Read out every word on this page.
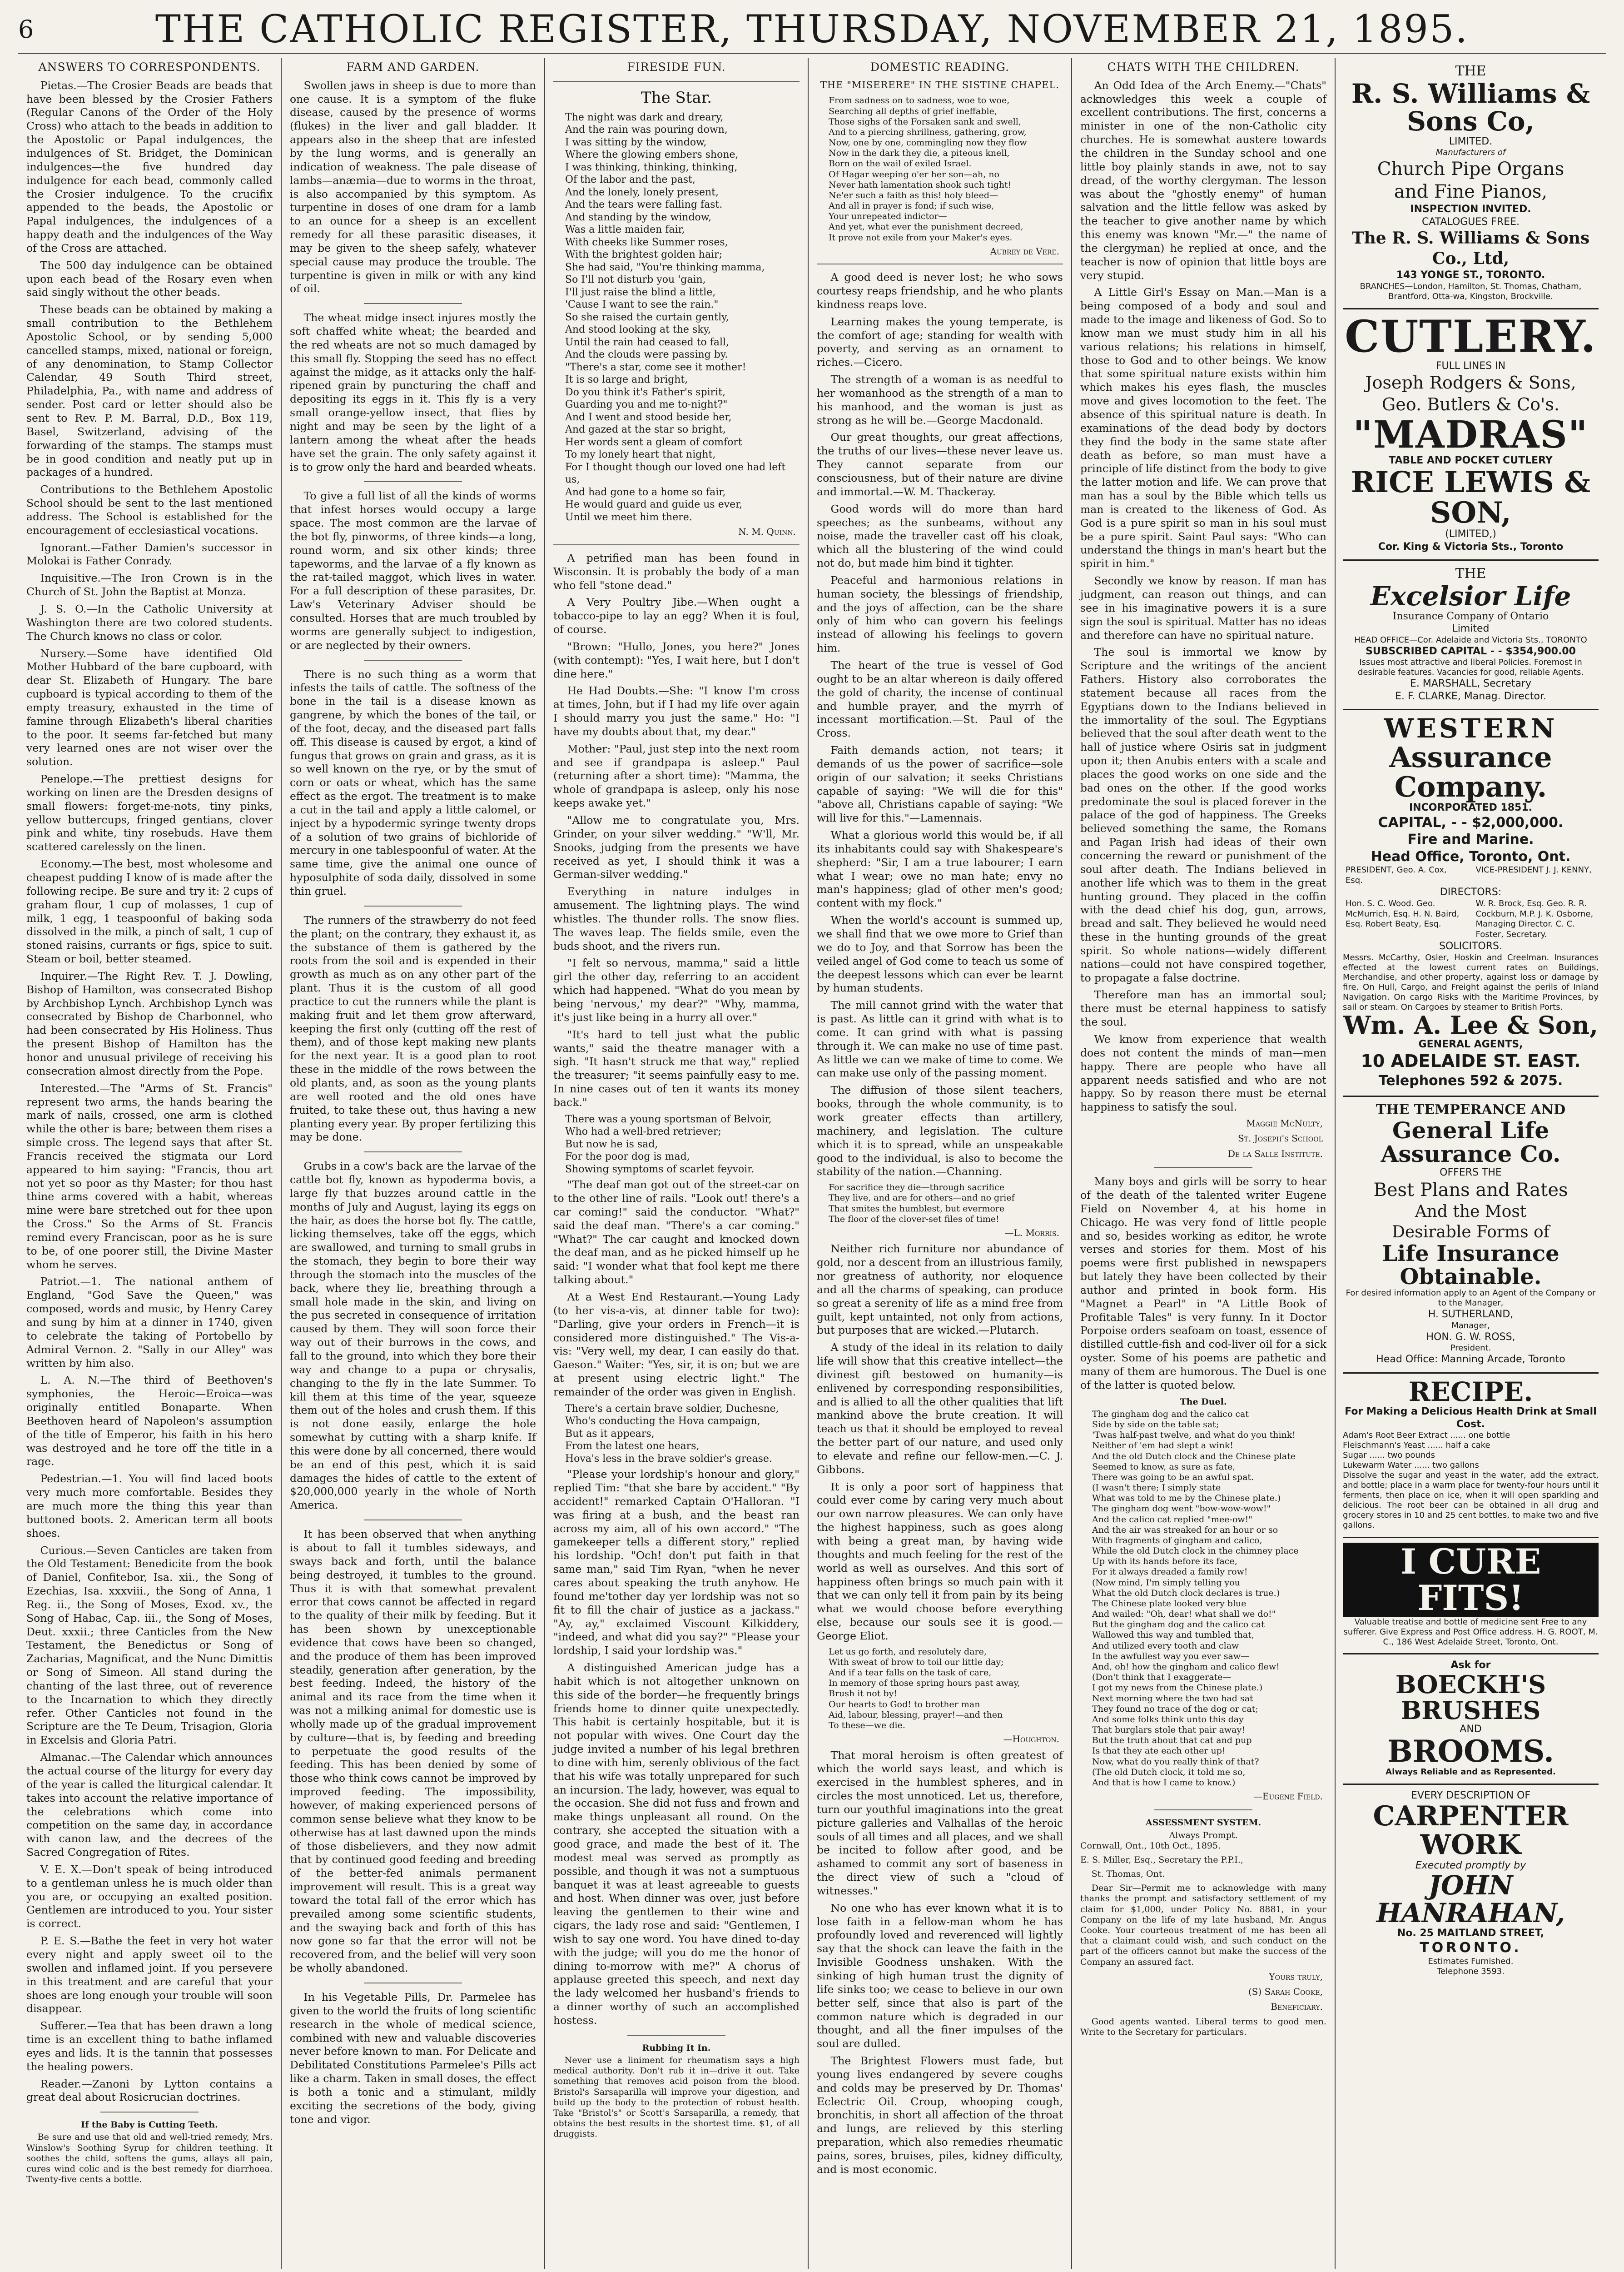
6	THE CATHOLIC REGISTER, THURSDAY, NOVEMBER 21, 1895.
ANSWERS TO CORRESPONDENTS.

Pietas.—The Crosier Beads are beads that have been blessed by the Crosier Fathers (Regular Canons of the Order of the Holy Cross) who attach to the beads in addition to the Apostolic or Papal indulgences, the indulgences of St. Bridget, the Dominican indulgences—the five hundred day indulgence for each bead, commonly called the Crosier indulgence. To the crucifix appended to the beads, the Apostolic or Papal indulgences, the indulgences of a happy death and the indulgences of the Way of the Cross are attached.

The 500 day indulgence can be obtained upon each bead of the Rosary even when said singly without the other beads.

These beads can be obtained by making a small contribution to the Bethlehem Apostolic School, or by sending 5,000 cancelled stamps, mixed, national or foreign, of any denomination, to Stamp Collector Calendar, 49 South Third street, Philadelphia, Pa., with name and address of sender. Post card or letter should also be sent to Rev. P. M. Barral, D.D., Box 119, Basel, Switzerland, advising of the forwarding of the stamps. The stamps must be in good condition and neatly put up in packages of a hundred.

Contributions to the Bethlehem Apostolic School should be sent to the last mentioned address. The School is established for the encouragement of ecclesiastical vocations.

Ignorant.—Father Damien's successor in Molokai is Father Conrady.

Inquisitive.—The Iron Crown is in the Church of St. John the Baptist at Monza.

J. S. O.—In the Catholic University at Washington there are two colored students. The Church knows no class or color.

Nursery.—Some have identified Old Mother Hubbard of the bare cupboard, with dear St. Elizabeth of Hungary. The bare cupboard is typical according to them of the empty treasury, exhausted in the time of famine through Elizabeth's liberal charities to the poor. It seems far-fetched but many very learned ones are not wiser over the solution.

Penelope.—The prettiest designs for working on linen are the Dresden designs of small flowers: forget-me-nots, tiny pinks, yellow buttercups, fringed gentians, clover pink and white, tiny rosebuds. Have them scattered carelessly on the linen.

Economy.—The best, most wholesome and cheapest pudding I know of is made after the following recipe. Be sure and try it: 2 cups of graham flour, 1 cup of molasses, 1 cup of milk, 1 egg, 1 teaspoonful of baking soda dissolved in the milk, a pinch of salt, 1 cup of stoned raisins, currants or figs, spice to suit. Steam or boil, better steamed.

Inquirer.—The Right Rev. T. J. Dowling, Bishop of Hamilton, was consecrated Bishop by Archbishop Lynch. Archbishop Lynch was consecrated by Bishop de Charbonnel, who had been consecrated by His Holiness. Thus the present Bishop of Hamilton has the honor and unusual privilege of receiving his consecration almost directly from the Pope.

Interested.—The "Arms of St. Francis" represent two arms, the hands bearing the mark of nails, crossed, one arm is clothed while the other is bare; between them rises a simple cross. The legend says that after St. Francis received the stigmata our Lord appeared to him saying: "Francis, thou art not yet so poor as thy Master; for thou hast thine arms covered with a habit, whereas mine were bare stretched out for thee upon the Cross." So the Arms of St. Francis remind every Franciscan, poor as he is sure to be, of one poorer still, the Divine Master whom he serves.

Patriot.—1. The national anthem of England, "God Save the Queen," was composed, words and music, by Henry Carey and sung by him at a dinner in 1740, given to celebrate the taking of Portobello by Admiral Vernon. 2. "Sally in our Alley" was written by him also.

L. A. N.—The third of Beethoven's symphonies, the Heroic—Eroica—was originally entitled Bonaparte. When Beethoven heard of Napoleon's assumption of the title of Emperor, his faith in his hero was destroyed and he tore off the title in a rage.

Pedestrian.—1. You will find laced boots very much more comfortable. Besides they are much more the thing this year than buttoned boots. 2. American term all boots shoes.

Curious.—Seven Canticles are taken from the Old Testament: Benedicite from the book of Daniel, Confitebor, Isa. xii., the Song of Ezechias, Isa. xxxviii., the Song of Anna, 1 Reg. ii., the Song of Moses, Exod. xv., the Song of Habac, Cap. iii., the Song of Moses, Deut. xxxii.; three Canticles from the New Testament, the Benedictus or Song of Zacharias, Magnificat, and the Nunc Dimittis or Song of Simeon. All stand during the chanting of the last three, out of reverence to the Incarnation to which they directly refer. Other Canticles not found in the Scripture are the Te Deum, Trisagion, Gloria in Excelsis and Gloria Patri.

Almanac.—The Calendar which announces the actual course of the liturgy for every day of the year is called the liturgical calendar. It takes into account the relative importance of the celebrations which come into competition on the same day, in accordance with canon law, and the decrees of the Sacred Congregation of Rites.

V. E. X.—Don't speak of being introduced to a gentleman unless he is much older than you are, or occupying an exalted position. Gentlemen are introduced to you. Your sister is correct.

P. E. S.—Bathe the feet in very hot water every night and apply sweet oil to the swollen and inflamed joint. If you persevere in this treatment and are careful that your shoes are long enough your trouble will soon disappear.

Sufferer.—Tea that has been drawn a long time is an excellent thing to bathe inflamed eyes and lids. It is the tannin that possesses the healing powers.

Reader.—Zanoni by Lytton contains a great deal about Rosicrucian doctrines.

If the Baby is Cutting Teeth.

Be sure and use that old and well-tried remedy, Mrs. Winslow's Soothing Syrup for children teething. It soothes the child, softens the gums, allays all pain, cures wind colic and is the best remedy for diarrhoea. Twenty-five cents a bottle.

FARM AND GARDEN.

Swollen jaws in sheep is due to more than one cause. It is a symptom of the fluke disease, caused by the presence of worms (flukes) in the liver and gall bladder. It appears also in the sheep that are infested by the lung worms, and is generally an indication of weakness. The pale disease of lambs—anæmia—due to worms in the throat, is also accompanied by this symptom. As turpentine in doses of one dram for a lamb to an ounce for a sheep is an excellent remedy for all these parasitic diseases, it may be given to the sheep safely, whatever special cause may produce the trouble. The turpentine is given in milk or with any kind of oil.

The wheat midge insect injures mostly the soft chaffed white wheat; the bearded and the red wheats are not so much damaged by this small fly. Stopping the seed has no effect against the midge, as it attacks only the half-ripened grain by puncturing the chaff and depositing its eggs in it. This fly is a very small orange-yellow insect, that flies by night and may be seen by the light of a lantern among the wheat after the heads have set the grain. The only safety against it is to grow only the hard and bearded wheats.

To give a full list of all the kinds of worms that infest horses would occupy a large space. The most common are the larvae of the bot fly, pinworms, of three kinds—a long, round worm, and six other kinds; three tapeworms, and the larvae of a fly known as the rat-tailed maggot, which lives in water. For a full description of these parasites, Dr. Law's Veterinary Adviser should be consulted. Horses that are much troubled by worms are generally subject to indigestion, or are neglected by their owners.

There is no such thing as a worm that infests the tails of cattle. The softness of the bone in the tail is a disease known as gangrene, by which the bones of the tail, or of the foot, decay, and the diseased part falls off. This disease is caused by ergot, a kind of fungus that grows on grain and grass, as it is so well known on the rye, or by the smut of corn or oats or wheat, which has the same effect as the ergot. The treatment is to make a cut in the tail and apply a little calomel, or inject by a hypodermic syringe twenty drops of a solution of two grains of bichloride of mercury in one tablespoonful of water. At the same time, give the animal one ounce of hyposulphite of soda daily, dissolved in some thin gruel.

The runners of the strawberry do not feed the plant; on the contrary, they exhaust it, as the substance of them is gathered by the roots from the soil and is expended in their growth as much as on any other part of the plant. Thus it is the custom of all good practice to cut the runners while the plant is making fruit and let them grow afterward, keeping the first only (cutting off the rest of them), and of those kept making new plants for the next year. It is a good plan to root these in the middle of the rows between the old plants, and, as soon as the young plants are well rooted and the old ones have fruited, to take these out, thus having a new planting every year. By proper fertilizing this may be done.

Grubs in a cow's back are the larvae of the cattle bot fly, known as hypoderma bovis, a large fly that buzzes around cattle in the months of July and August, laying its eggs on the hair, as does the horse bot fly. The cattle, licking themselves, take off the eggs, which are swallowed, and turning to small grubs in the stomach, they begin to bore their way through the stomach into the muscles of the back, where they lie, breathing through a small hole made in the skin, and living on the pus secreted in consequence of irritation caused by them. They will soon force their way out of their burrows in the cows, and fall to the ground, into which they bore their way and change to a pupa or chrysalis, changing to the fly in the late Summer. To kill them at this time of the year, squeeze them out of the holes and crush them. If this is not done easily, enlarge the hole somewhat by cutting with a sharp knife. If this were done by all concerned, there would be an end of this pest, which it is said damages the hides of cattle to the extent of $20,000,000 yearly in the whole of North America.

It has been observed that when anything is about to fall it tumbles sideways, and sways back and forth, until the balance being destroyed, it tumbles to the ground. Thus it is with that somewhat prevalent error that cows cannot be affected in regard to the quality of their milk by feeding. But it has been shown by unexceptionable evidence that cows have been so changed, and the produce of them has been improved steadily, generation after generation, by the best feeding. Indeed, the history of the animal and its race from the time when it was not a milking animal for domestic use is wholly made up of the gradual improvement by culture—that is, by feeding and breeding to perpetuate the good results of the feeding. This has been denied by some of those who think cows cannot be improved by improved feeding. The impossibility, however, of making experienced persons of common sense believe what they know to be otherwise has at last dawned upon the minds of those disbelievers, and they now admit that by continued good feeding and breeding of the better-fed animals permanent improvement will result. This is a great way toward the total fall of the error which has prevailed among some scientific students, and the swaying back and forth of this has now gone so far that the error will not be recovered from, and the belief will very soon be wholly abandoned.

In his Vegetable Pills, Dr. Parmelee has given to the world the fruits of long scientific research in the whole of medical science, combined with new and valuable discoveries never before known to man. For Delicate and Debilitated Constitutions Parmelee's Pills act like a charm. Taken in small doses, the effect is both a tonic and a stimulant, mildly exciting the secretions of the body, giving tone and vigor.

FIRESIDE FUN.
The Star.
The night was dark and dreary,
And the rain was pouring down,
I was sitting by the window,
Where the glowing embers shone,
I was thinking, thinking, thinking,
Of the labor and the past,
And the lonely, lonely present,
And the tears were falling fast.
And standing by the window,
Was a little maiden fair,
With cheeks like Summer roses,
With the brightest golden hair;
She had said, "You're thinking mamma,
So I'll not disturb you 'gain,
I'll just raise the blind a little,
'Cause I want to see the rain."
So she raised the curtain gently,
And stood looking at the sky,
Until the rain had ceased to fall,
And the clouds were passing by.
"There's a star, come see it mother!
It is so large and bright,
Do you think it's Father's spirit,
Guarding you and me to-night?"
And I went and stood beside her,
And gazed at the star so bright,
Her words sent a gleam of comfort
To my lonely heart that night,
For I thought though our loved one had left us,
And had gone to a home so fair,
He would guard and guide us ever,
Until we meet him there.
N. M. Quinn.

A petrified man has been found in Wisconsin. It is probably the body of a man who fell "stone dead."

A Very Poultry Jibe.—When ought a tobacco-pipe to lay an egg? When it is foul, of course.

"Brown: "Hullo, Jones, you here?" Jones (with contempt): "Yes, I wait here, but I don't dine here."

He Had Doubts.—She: "I know I'm cross at times, John, but if I had my life over again I should marry you just the same." Ho: "I have my doubts about that, my dear."

Mother: "Paul, just step into the next room and see if grandpapa is asleep." Paul (returning after a short time): "Mamma, the whole of grandpapa is asleep, only his nose keeps awake yet."

"Allow me to congratulate you, Mrs. Grinder, on your silver wedding." "W'll, Mr. Snooks, judging from the presents we have received as yet, I should think it was a German-silver wedding."

Everything in nature indulges in amusement. The lightning plays. The wind whistles. The thunder rolls. The snow flies. The waves leap. The fields smile, even the buds shoot, and the rivers run.

"I felt so nervous, mamma," said a little girl the other day, referring to an accident which had happened. "What do you mean by being 'nervous,' my dear?" "Why, mamma, it's just like being in a hurry all over."

"It's hard to tell just what the public wants," said the theatre manager with a sigh. "It hasn't struck me that way," replied the treasurer; "it seems painfully easy to me. In nine cases out of ten it wants its money back."

There was a young sportsman of Belvoir,
Who had a well-bred retriever;
But now he is sad,
For the poor dog is mad,
Showing symptoms of scarlet feyvoir.

"The deaf man got out of the street-car on to the other line of rails. "Look out! there's a car coming!" said the conductor. "What?" said the deaf man. "There's a car coming." "What?" The car caught and knocked down the deaf man, and as he picked himself up he said: "I wonder what that fool kept me there talking about."

At a West End Restaurant.—Young Lady (to her vis-a-vis, at dinner table for two): "Darling, give your orders in French—it is considered more distinguished." The Vis-a-vis: "Very well, my dear, I can easily do that. Gaeson." Waiter: "Yes, sir, it is on; but we are at present using electric light." The remainder of the order was given in English.

There's a certain brave soldier, Duchesne,
Who's conducting the Hova campaign,
But as it appears,
From the latest one hears,
Hova's less in the brave soldier's grease.

"Please your lordship's honour and glory," replied Tim: "that she bare by accident." "By accident!" remarked Captain O'Halloran. "I was firing at a bush, and the beast ran across my aim, all of his own accord." "The gamekeeper tells a different story," replied his lordship. "Och! don't put faith in that same man," said Tim Ryan, "when he never cares about speaking the truth anyhow. He found me'tother day yer lordship was not so fit to fill the chair of justice as a jackass." "Ay, ay," exclaimed Viscount Kilkiddery, "indeed, and what did you say?" "Please your lordship, I said your lordship was."

A distinguished American judge has a habit which is not altogether unknown on this side of the border—he frequently brings friends home to dinner quite unexpectedly. This habit is certainly hospitable, but it is not popular with wives. One Court day the judge invited a number of his legal brethren to dine with him, serenly oblivious of the fact that his wife was totally unprepared for such an incursion. The lady, however, was equal to the occasion. She did not fuss and frown and make things unpleasant all round. On the contrary, she accepted the situation with a good grace, and made the best of it. The modest meal was served as promptly as possible, and though it was not a sumptuous banquet it was at least agreeable to guests and host. When dinner was over, just before leaving the gentlemen to their wine and cigars, the lady rose and said: "Gentlemen, I wish to say one word. You have dined to-day with the judge; will you do me the honor of dining to-morrow with me?" A chorus of applause greeted this speech, and next day the lady welcomed her husband's friends to a dinner worthy of such an accomplished hostess.

Rubbing It In.

Never use a liniment for rheumatism says a high medical authority. Don't rub it in—drive it out. Take something that removes acid poison from the blood. Bristol's Sarsaparilla will improve your digestion, and build up the body to the protection of robust health. Take "Bristol's" or Scott's Sarsaparilla, a remedy, that obtains the best results in the shortest time. $1, of all druggists.

DOMESTIC READING.
THE "MISERERE" IN THE SISTINE CHAPEL.
From sadness on to sadness, woe to woe,
Searching all depths of grief ineffable,
Those sighs of the Forsaken sank and swell,
And to a piercing shrillness, gathering, grow,
Now, one by one, commingling now they flow
Now in the dark they die, a piteous knell,
Born on the wail of exiled Israel.
Of Hagar weeping o'er her son—ah, no
Never hath lamentation shook such tight!
Ne'er such a faith as this! holy bleed—
And all in prayer is fond; if such wise,
Your unrepeated indictor—
And yet, what ever the punishment decreed,
It prove not exile from your Maker's eyes.
Aubrey de Vere.

A good deed is never lost; he who sows courtesy reaps friendship, and he who plants kindness reaps love.

Learning makes the young temperate, is the comfort of age; standing for wealth with poverty, and serving as an ornament to riches.—Cicero.

The strength of a woman is as needful to her womanhood as the strength of a man to his manhood, and the woman is just as strong as he will be.—George Macdonald.

Our great thoughts, our great affections, the truths of our lives—these never leave us. They cannot separate from our consciousness, but of their nature are divine and immortal.—W. M. Thackeray.

Good words will do more than hard speeches; as the sunbeams, without any noise, made the traveller cast off his cloak, which all the blustering of the wind could not do, but made him bind it tighter.

Peaceful and harmonious relations in human society, the blessings of friendship, and the joys of affection, can be the share only of him who can govern his feelings instead of allowing his feelings to govern him.

The heart of the true is vessel of God ought to be an altar whereon is daily offered the gold of charity, the incense of continual and humble prayer, and the myrrh of incessant mortification.—St. Paul of the Cross.

Faith demands action, not tears; it demands of us the power of sacrifice—sole origin of our salvation; it seeks Christians capable of saying: "We will die for this" "above all, Christians capable of saying: "We will live for this."—Lamennais.

What a glorious world this would be, if all its inhabitants could say with Shakespeare's shepherd: "Sir, I am a true labourer; I earn what I wear; owe no man hate; envy no man's happiness; glad of other men's good; content with my flock."

When the world's account is summed up, we shall find that we owe more to Grief than we do to Joy, and that Sorrow has been the veiled angel of God come to teach us some of the deepest lessons which can ever be learnt by human students.

The mill cannot grind with the water that is past. As little can it grind with what is to come. It can grind with what is passing through it. We can make no use of time past. As little we can we make of time to come. We can make use only of the passing moment.

The diffusion of those silent teachers, books, through the whole community, is to work greater effects than artillery, machinery, and legislation. The culture which it is to spread, while an unspeakable good to the individual, is also to become the stability of the nation.—Channing.

For sacrifice they die—through sacrifice
They live, and are for others—and no grief
That smites the humblest, but evermore
The floor of the clover-set files of time!
—L. Morris.

Neither rich furniture nor abundance of gold, nor a descent from an illustrious family, nor greatness of authority, nor eloquence and all the charms of speaking, can produce so great a serenity of life as a mind free from guilt, kept untainted, not only from actions, but purposes that are wicked.—Plutarch.

A study of the ideal in its relation to daily life will show that this creative intellect—the divinest gift bestowed on humanity—is enlivened by corresponding responsibilities, and is allied to all the other qualities that lift mankind above the brute creation. It will teach us that it should be employed to reveal the better part of our nature, and used only to elevate and refine our fellow-men.—C. J. Gibbons.

It is only a poor sort of happiness that could ever come by caring very much about our own narrow pleasures. We can only have the highest happiness, such as goes along with being a great man, by having wide thoughts and much feeling for the rest of the world as well as ourselves. And this sort of happiness often brings so much pain with it that we can only tell it from pain by its being what we would choose before everything else, because our souls see it is good.—George Eliot.

Let us go forth, and resolutely dare,
With sweat of brow to toil our little day;
And if a tear falls on the task of care,
In memory of those spring hours past away,
Brush it not by!
Our hearts to God! to brother man
Aid, labour, blessing, prayer!—and then
To these—we die.
—Houghton.

That moral heroism is often greatest of which the world says least, and which is exercised in the humblest spheres, and in circles the most unnoticed. Let us, therefore, turn our youthful imaginations into the great picture galleries and Valhallas of the heroic souls of all times and all places, and we shall be incited to follow after good, and be ashamed to commit any sort of baseness in the direct view of such a "cloud of witnesses."

No one who has ever known what it is to lose faith in a fellow-man whom he has profoundly loved and reverenced will lightly say that the shock can leave the faith in the Invisible Goodness unshaken. With the sinking of high human trust the dignity of life sinks too; we cease to believe in our own better self, since that also is part of the common nature which is degraded in our thought, and all the finer impulses of the soul are dulled.

The Brightest Flowers must fade, but young lives endangered by severe coughs and colds may be preserved by Dr. Thomas' Eclectric Oil. Croup, whooping cough, bronchitis, in short all affection of the throat and lungs, are relieved by this sterling preparation, which also remedies rheumatic pains, sores, bruises, piles, kidney difficulty, and is most economic.

CHATS WITH THE CHILDREN.

An Odd Idea of the Arch Enemy.—"Chats" acknowledges this week a couple of excellent contributions. The first, concerns a minister in one of the non-Catholic city churches. He is somewhat austere towards the children in the Sunday school and one little boy plainly stands in awe, not to say dread, of the worthy clergyman. The lesson was about the "ghostly enemy" of human salvation and the little fellow was asked by the teacher to give another name by which this enemy was known "Mr.—" the name of the clergyman) he replied at once, and the teacher is now of opinion that little boys are very stupid.

A Little Girl's Essay on Man.—Man is a being composed of a body and soul and made to the image and likeness of God. So to know man we must study him in all his various relations; his relations in himself, those to God and to other beings. We know that some spiritual nature exists within him which makes his eyes flash, the muscles move and gives locomotion to the feet. The absence of this spiritual nature is death. In examinations of the dead body by doctors they find the body in the same state after death as before, so man must have a principle of life distinct from the body to give the latter motion and life. We can prove that man has a soul by the Bible which tells us man is created to the likeness of God. As God is a pure spirit so man in his soul must be a pure spirit. Saint Paul says: "Who can understand the things in man's heart but the spirit in him."

Secondly we know by reason. If man has judgment, can reason out things, and can see in his imaginative powers it is a sure sign the soul is spiritual. Matter has no ideas and therefore can have no spiritual nature.

The soul is immortal we know by Scripture and the writings of the ancient Fathers. History also corroborates the statement because all races from the Egyptians down to the Indians believed in the immortality of the soul. The Egyptians believed that the soul after death went to the hall of justice where Osiris sat in judgment upon it; then Anubis enters with a scale and places the good works on one side and the bad ones on the other. If the good works predominate the soul is placed forever in the palace of the god of happiness. The Greeks believed something the same, the Romans and Pagan Irish had ideas of their own concerning the reward or punishment of the soul after death. The Indians believed in another life which was to them in the great hunting ground. They placed in the coffin with the dead chief his dog, gun, arrows, bread and salt. They believed he would need these in the hunting grounds of the great spirit. So whole nations—widely different nations—could not have conspired together, to propagate a false doctrine.

Therefore man has an immortal soul; there must be eternal happiness to satisfy the soul.

We know from experience that wealth does not content the minds of man—men happy. There are people who have all apparent needs satisfied and who are not happy. So by reason there must be eternal happiness to satisfy the soul.

Maggie McNulty,
St. Joseph's School
De la Salle Institute.

Many boys and girls will be sorry to hear of the death of the talented writer Eugene Field on November 4, at his home in Chicago. He was very fond of little people and so, besides working as editor, he wrote verses and stories for them. Most of his poems were first published in newspapers but lately they have been collected by their author and printed in book form. His "Magnet a Pearl" in "A Little Book of Profitable Tales" is very funny. In it Doctor Porpoise orders seafoam on toast, essence of distilled cuttle-fish and cod-liver oil for a sick oyster. Some of his poems are pathetic and many of them are humorous. The Duel is one of the latter is quoted below.

The Duel.
The gingham dog and the calico cat
Side by side on the table sat;
'Twas half-past twelve, and what do you think!
Neither of 'em had slept a wink!
And the old Dutch clock and the Chinese plate
Seemed to know, as sure as fate,
There was going to be an awful spat.
(I wasn't there; I simply state
What was told to me by the Chinese plate.)
The gingham dog went "bow-wow-wow!"
And the calico cat replied "mee-ow!"
And the air was streaked for an hour or so
With fragments of gingham and calico,
While the old Dutch clock in the chimney place
Up with its hands before its face,
For it always dreaded a family row!
(Now mind, I'm simply telling you
What the old Dutch clock declares is true.)
The Chinese plate looked very blue
And wailed: "Oh, dear! what shall we do!"
But the gingham dog and the calico cat
Wallowed this way and tumbled that,
And utilized every tooth and claw
In the awfullest way you ever saw—
And, oh! how the gingham and calico flew!
(Don't think that I exaggerate—
I got my news from the Chinese plate.)
Next morning where the two had sat
They found no trace of the dog or cat;
And some folks think unto this day
That burglars stole that pair away!
But the truth about that cat and pup
Is that they ate each other up!
Now, what do you really think of that?
(The old Dutch clock, it told me so,
And that is how I came to know.)
—Eugene Field.
ASSESSMENT SYSTEM.
Always Prompt.

Cornwall, Ont., 10th Oct., 1895.

E. S. Miller, Esq., Secretary the P.P.I.,

St. Thomas, Ont.

Dear Sir—Permit me to acknowledge with many thanks the prompt and satisfactory settlement of my claim for $1,000, under Policy No. 8881, in your Company on the life of my late husband, Mr. Angus Cooke. Your courteous treatment of me has been all that a claimant could wish, and such conduct on the part of the officers cannot but make the success of the Company an assured fact.

Yours truly,
(S) Sarah Cooke,
Beneficiary.

Good agents wanted. Liberal terms to good men. Write to the Secretary for particulars.

THE
R. S. Williams & Sons Co,
LIMITED.
Manufacturers of
Church Pipe Organs
and Fine Pianos,
INSPECTION INVITED.
CATALOGUES FREE.
The R. S. Williams & Sons Co., Ltd,
143 YONGE ST., TORONTO.
BRANCHES—London, Hamilton, St. Thomas, Chatham, Brantford, Otta-wa, Kingston, Brockville.
CUTLERY.
FULL LINES IN
Joseph Rodgers & Sons,
Geo. Butlers & Co's.
"MADRAS"
TABLE AND POCKET CUTLERY
RICE LEWIS & SON,
(LIMITED,)
Cor. King & Victoria Sts., Toronto
THE
Excelsior Life
Insurance Company of Ontario
Limited
HEAD OFFICE—Cor. Adelaide and Victoria Sts., TORONTO
SUBSCRIBED CAPITAL - - $354,900.00
Issues most attractive and liberal Policies. Foremost in desirable features. Vacancies for good, reliable Agents.
E. MARSHALL, Secretary
E. F. CLARKE, Manag. Director.
WESTERN
Assurance Company.
INCORPORATED 1851.
CAPITAL, - - $2,000,000.
Fire and Marine.
Head Office, Toronto, Ont.
PRESIDENT, Geo. A. Cox, Esq.
VICE-PRESIDENT J. J. KENNY,
DIRECTORS:
Hon. S. C. Wood. Geo. McMurrich, Esq. H. N. Baird, Esq. Robert Beaty, Esq.
W. R. Brock, Esq. Geo. R. R. Cockburn, M.P. J. K. Osborne, Managing Director. C. C. Foster, Secretary.
SOLICITORS.
Messrs. McCarthy, Osler, Hoskin and Creelman. Insurances effected at the lowest current rates on Buildings, Merchandise, and other property, against loss or damage by fire. On Hull, Cargo, and Freight against the perils of Inland Navigation. On cargo Risks with the Maritime Provinces, by sail or steam. On Cargoes by steamer to British Ports.
Wm. A. Lee & Son,
GENERAL AGENTS,
10 ADELAIDE ST. EAST.
Telephones 592 & 2075.
THE TEMPERANCE AND
General Life Assurance Co.
OFFERS THE
Best Plans and Rates
And the Most
Desirable Forms of
Life Insurance Obtainable.
For desired information apply to an Agent of the Company or to the Manager,
H. SUTHERLAND,
Manager,
HON. G. W. ROSS,
President.
Head Office: Manning Arcade, Toronto
RECIPE.
For Making a Delicious Health Drink at Small Cost.
Adam's Root Beer Extract ...... one bottle
Fleischmann's Yeast ...... half a cake
Sugar ...... two pounds
Lukewarm Water ...... two gallons
Dissolve the sugar and yeast in the water, add the extract, and bottle; place in a warm place for twenty-four hours until it ferments, then place on ice, when it will open sparkling and delicious. The root beer can be obtained in all drug and grocery stores in 10 and 25 cent bottles, to make two and five gallons.
I CURE FITS!
Valuable treatise and bottle of medicine sent Free to any sufferer. Give Express and Post Office address. H. G. ROOT, M. C., 186 West Adelaide Street, Toronto, Ont.
Ask for
BOECKH'S BRUSHES
AND
BROOMS.
Always Reliable and as Represented.
EVERY DESCRIPTION OF
CARPENTER WORK
Executed promptly by
JOHN HANRAHAN,
No. 25 MAITLAND STREET,
TORONTO.
Estimates Furnished.
Telephone 3593.
